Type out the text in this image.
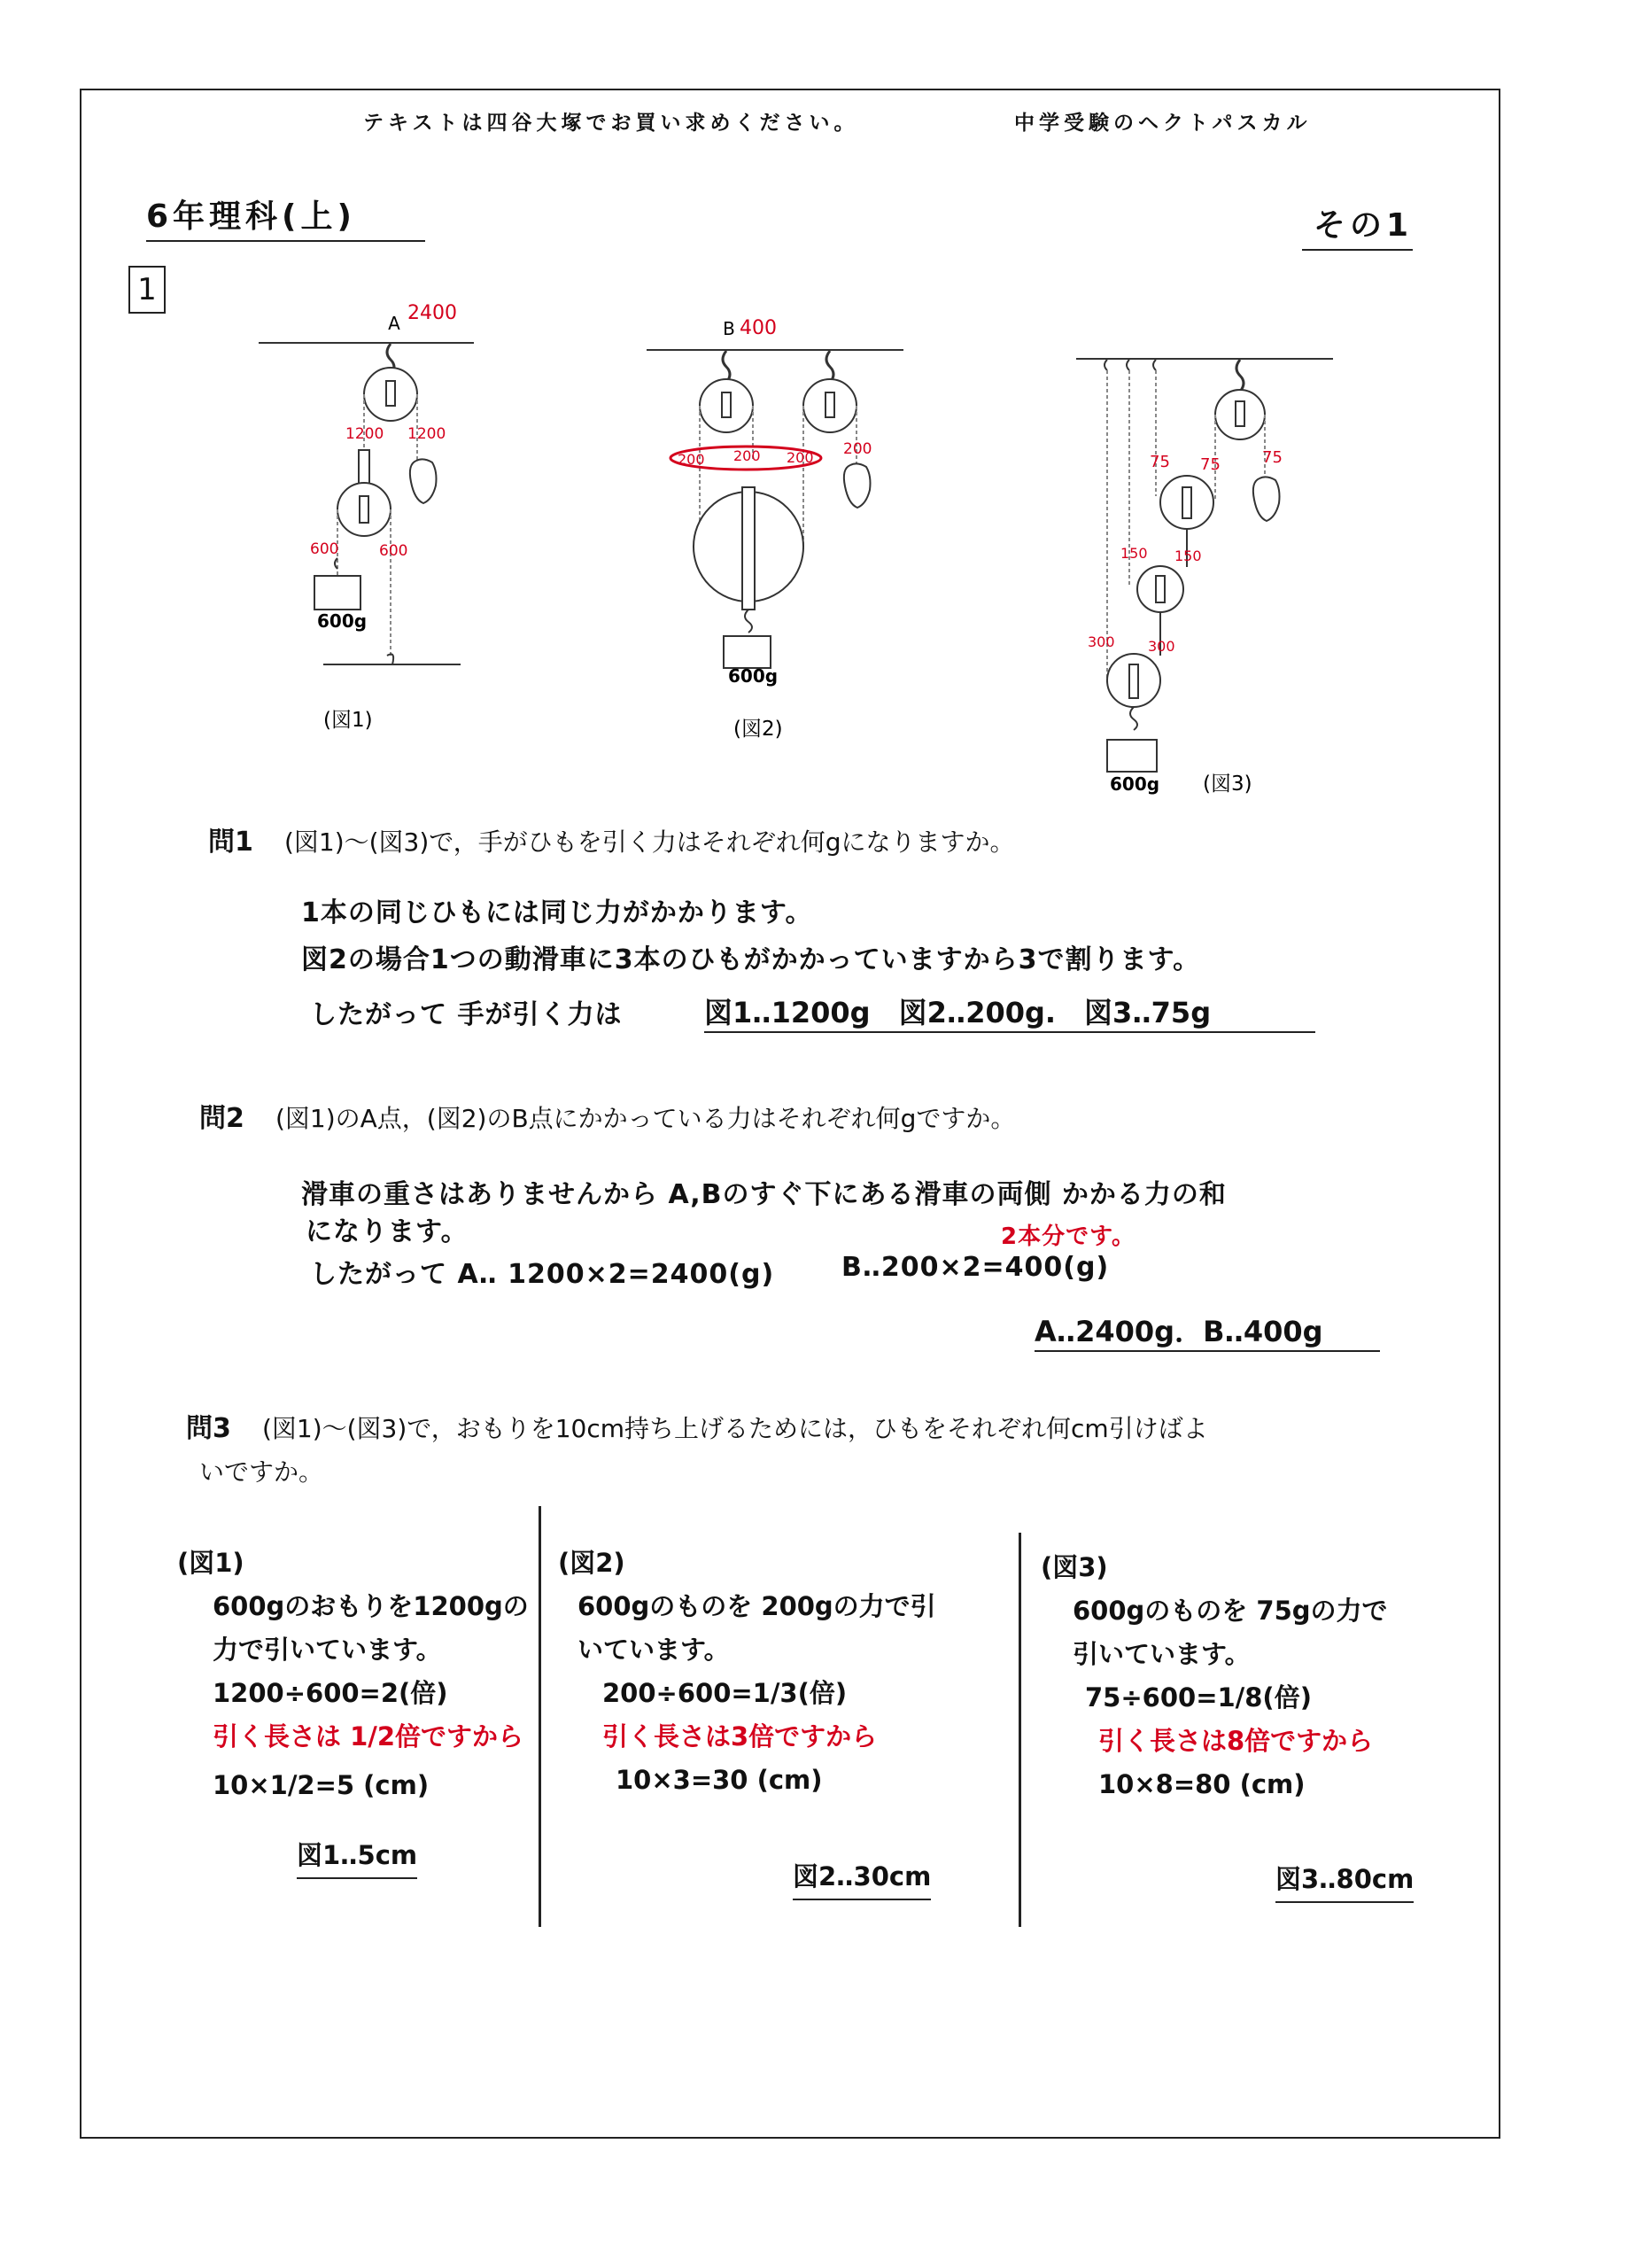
テキストは四谷大塚でお買い求めください。	中学受験のヘクトパスカル
6年理科(上)	その1
1
A 2400
1200 1200
600	600
600g
(図1)
B 400
200 200 200 200
600g
(図2)
75 75	75
150 150
300 300
600g (図3)
問1 (図1)～(図3)で，手がひもを引く力はそれぞれ何gになりますか。
1本の同じひもには同じ力がかかります。
図2の場合1つの動滑車に3本のひもがかかっていますから3で割ります。
したがって 手が引く力は	図1‥1200g　図2‥200g.　図3‥75g
問2 (図1)のA点，(図2)のB点にかかっている力はそれぞれ何gですか。
滑車の重さはありませんから A,Bのすぐ下にある滑車の両側 かかる力の和
になります。
したがって A‥ 1200×2=2400(g)	B‥200×2=400(g)
2本分です。
A‥2400g．B‥400g
問3 (図1)～(図3)で，おもりを10cm持ち上げるためには，ひもをそれぞれ何cm引けばよ
いですか。
(図1)
600gのおもりを1200gの
力で引いています。
1200÷600=2(倍)
引く長さは 1/2倍ですから
10×1/2=5 (cm)
図1‥5cm
(図2)
600gのものを 200gの力で引
いています。
200÷600=1/3(倍)
引く長さは3倍ですから
10×3=30 (cm)
図2‥30cm
(図3)
600gのものを 75gの力で
引いています。
75÷600=1/8(倍)
引く長さは8倍ですから
10×8=80 (cm)
図3‥80cm
